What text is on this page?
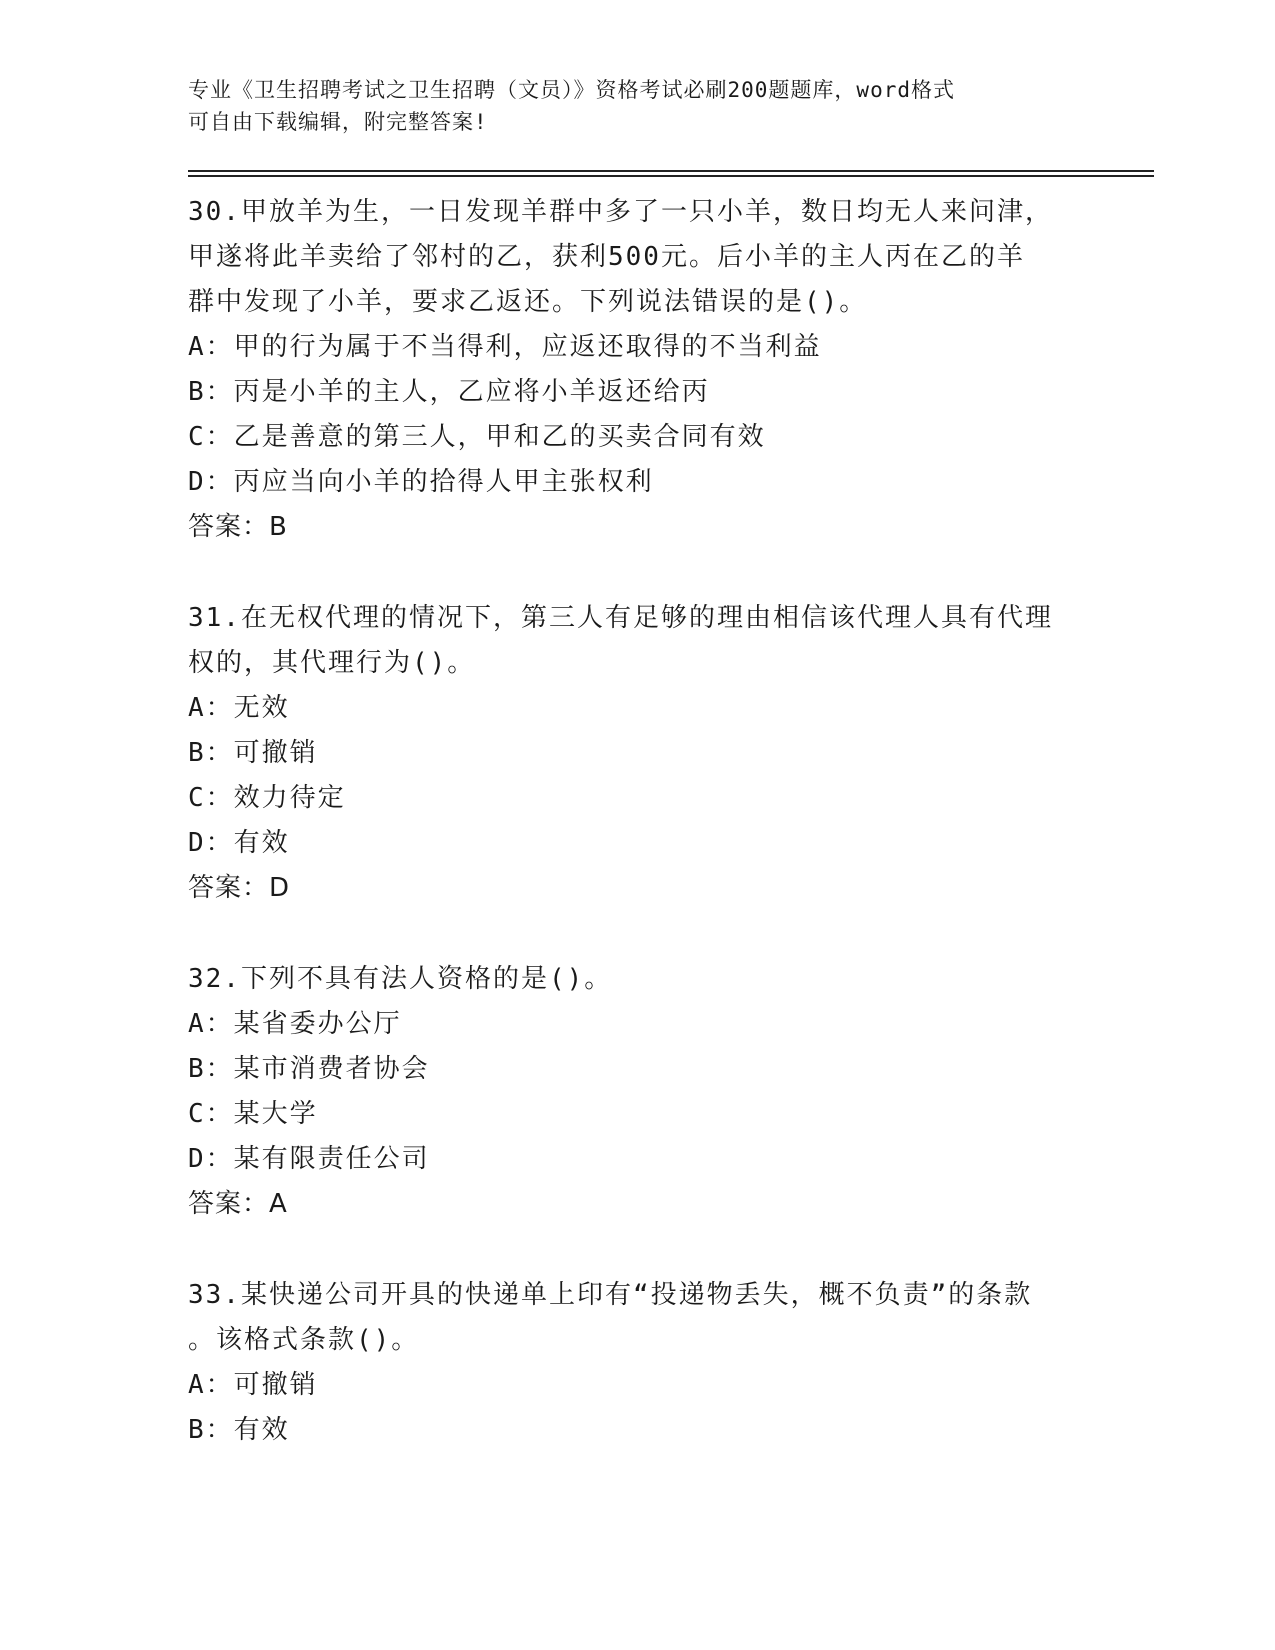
专业《卫生招聘考试之卫生招聘（文员）》资格考试必刷200题题库，word格式
可自由下载编辑，附完整答案!
30.甲放羊为生，一日发现羊群中多了一只小羊，数日均无人来问津，
甲遂将此羊卖给了邻村的乙，获利500元。后小羊的主人丙在乙的羊
群中发现了小羊，要求乙返还。下列说法错误的是()。
A：甲的行为属于不当得利，应返还取得的不当利益
B：丙是小羊的主人，乙应将小羊返还给丙
C：乙是善意的第三人，甲和乙的买卖合同有效
D：丙应当向小羊的拾得人甲主张权利
答案：B
31.在无权代理的情况下，第三人有足够的理由相信该代理人具有代理
权的，其代理行为()。
A：无效
B：可撤销
C：效力待定
D：有效
答案：D
32.下列不具有法人资格的是()。
A：某省委办公厅
B：某市消费者协会
C：某大学
D：某有限责任公司
答案：A
33.某快递公司开具的快递单上印有“投递物丢失，概不负责”的条款
。该格式条款()。
A：可撤销
B：有效
